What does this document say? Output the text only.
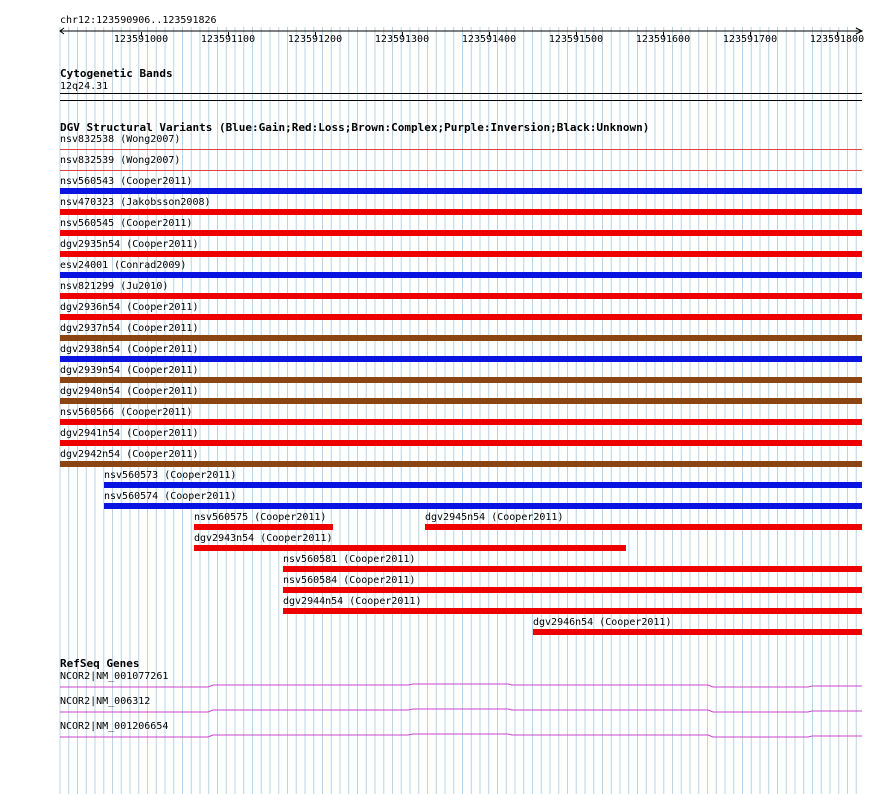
chr12:123590906..123591826
123591000	123591100	123591200	123591300	123591400	123591500	123591600	123591700	123591800
Cytogenetic Bands
12q24.31
DGV Structural Variants (Blue:Gain;Red:Loss;Brown:Complex;Purple:Inversion;Black:Unknown)
nsv832538 (Wong2007)
nsv832539 (Wong2007)
nsv560543 (Cooper2011)
nsv470323 (Jakobsson2008)
nsv560545 (Cooper2011)
dgv2935n54 (Cooper2011)
esv24001 (Conrad2009)
nsv821299 (Ju2010)
dgv2936n54 (Cooper2011)
dgv2937n54 (Cooper2011)
dgv2938n54 (Cooper2011)
dgv2939n54 (Cooper2011)
dgv2940n54 (Cooper2011)
nsv560566 (Cooper2011)
dgv2941n54 (Cooper2011)
dgv2942n54 (Cooper2011)
nsv560573 (Cooper2011)
nsv560574 (Cooper2011)
nsv560575 (Cooper2011)	dgv2945n54 (Cooper2011)
dgv2943n54 (Cooper2011)
nsv560581 (Cooper2011)
nsv560584 (Cooper2011)
dgv2944n54 (Cooper2011)
dgv2946n54 (Cooper2011)
RefSeq Genes
NCOR2|NM_001077261
NCOR2|NM_006312
NCOR2|NM_001206654
